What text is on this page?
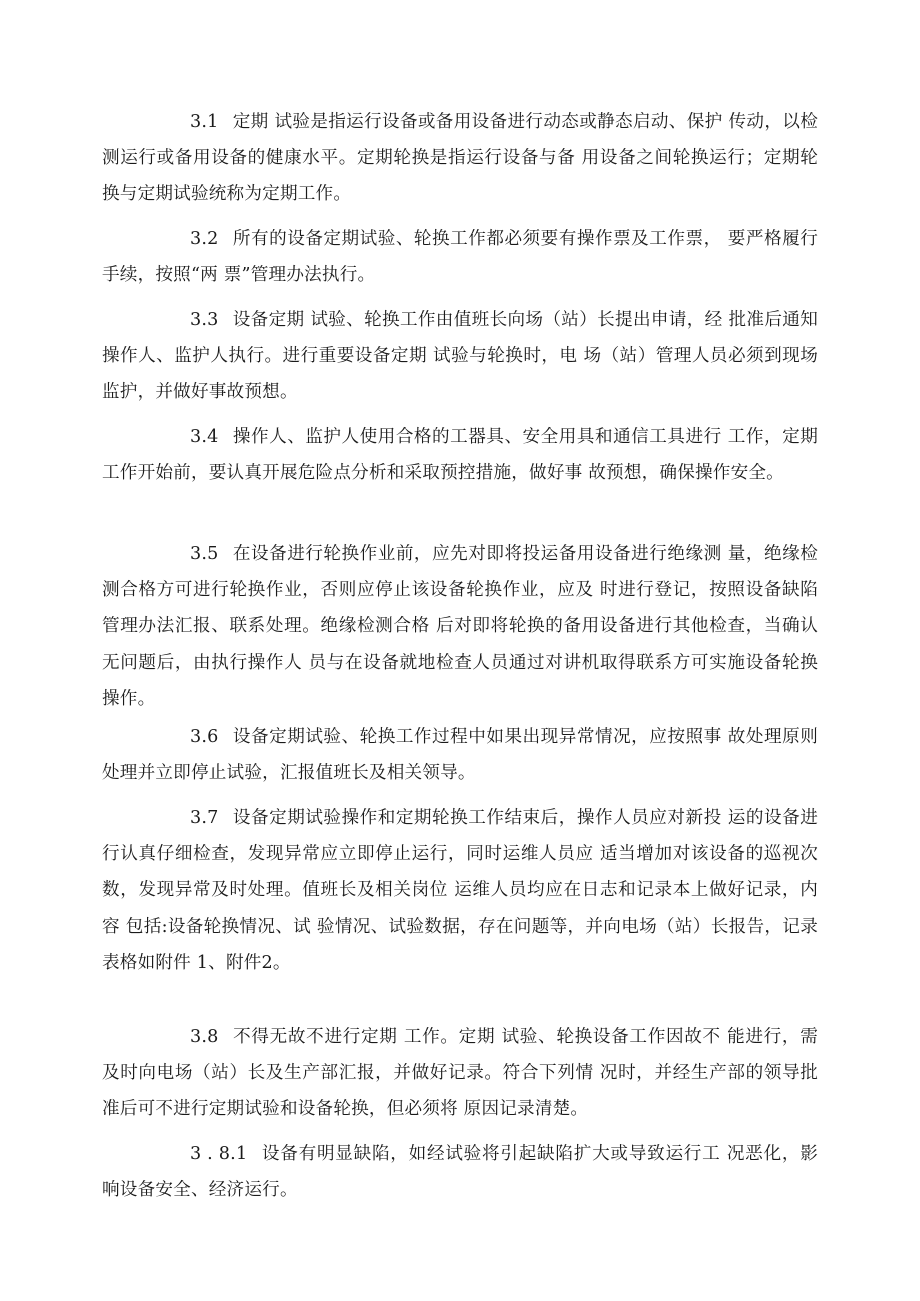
3.1 定期 试验是指运行设备或备用设备进行动态或静态启动、保护 传动，以检测运行或备用设备的健康水平。定期轮换是指运行设备与备 用设备之间轮换运行；定期轮换与定期试验统称为定期工作。

3.2 所有的设备定期试验、轮换工作都必须要有操作票及工作票， 要严格履行手续，按照“两 票”管理办法执行。

3.3 设备定期 试验、轮换工作由值班长向场（站）长提出申请，经 批准后通知操作人、监护人执行。进行重要设备定期 试验与轮换时，电 场（站）管理人员必须到现场监护，并做好事故预想。

3.4 操作人、监护人使用合格的工器具、安全用具和通信工具进行 工作，定期工作开始前，要认真开展危险点分析和采取预控措施，做好事 故预想，确保操作安全。

3.5 在设备进行轮换作业前，应先对即将投运备用设备进行绝缘测 量，绝缘检测合格方可进行轮换作业，否则应停止该设备轮换作业，应及 时进行登记，按照设备缺陷管理办法汇报、联系处理。绝缘检测合格 后对即将轮换的备用设备进行其他检查，当确认无问题后，由执行操作人 员与在设备就地检查人员通过对讲机取得联系方可实施设备轮换操作。

3.6 设备定期试验、轮换工作过程中如果出现异常情况，应按照事 故处理原则处理并立即停止试验，汇报值班长及相关领导。

3.7 设备定期试验操作和定期轮换工作结束后，操作人员应对新投 运的设备进行认真仔细检查，发现异常应立即停止运行，同时运维人员应 适当增加对该设备的巡视次数，发现异常及时处理。值班长及相关岗位 运维人员均应在日志和记录本上做好记录，内容 包括:设备轮换情况、试 验情况、试验数据，存在问题等，并向电场（站）长报告，记录表格如附件 1、附件2。

3.8 不得无故不进行定期 工作。定期 试验、轮换设备工作因故不 能进行，需及时向电场（站）长及生产部汇报，并做好记录。符合下列情 况时，并经生产部的领导批准后可不进行定期试验和设备轮换，但必须将 原因记录清楚。

3 . 8.1 设备有明显缺陷，如经试验将引起缺陷扩大或导致运行工 况恶化，影响设备安全、经济运行。
